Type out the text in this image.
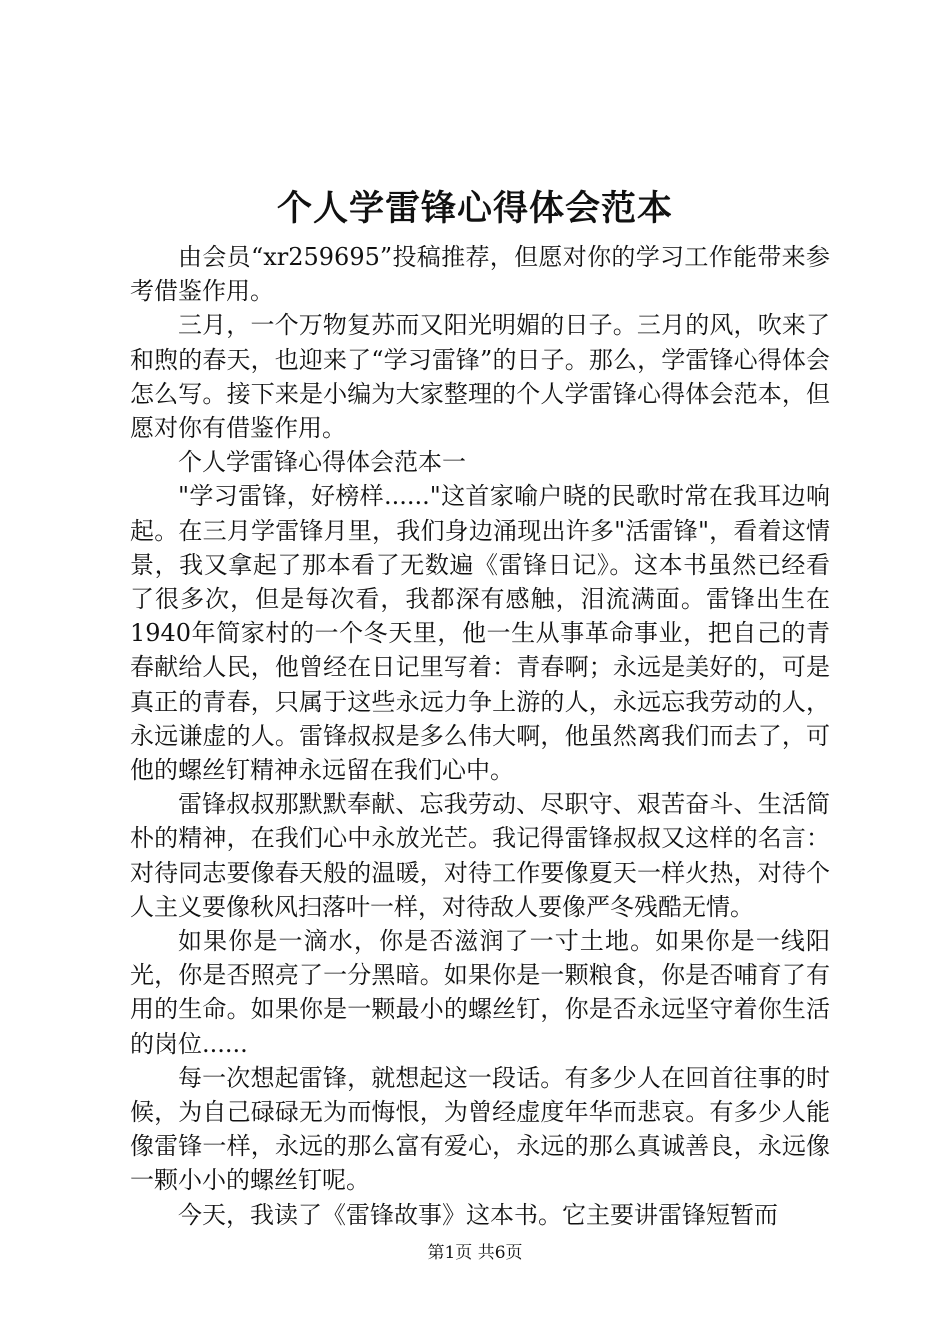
个人学雷锋心得体会范本

由会员“xr259695”投稿推荐，但愿对你的学习工作能带来参考借鉴作用。

三月，一个万物复苏而又阳光明媚的日子。三月的风，吹来了和煦的春天，也迎来了“学习雷锋”的日子。那么，学雷锋心得体会怎么写。接下来是小编为大家整理的个人学雷锋心得体会范本，但愿对你有借鉴作用。

个人学雷锋心得体会范本一

"学习雷锋，好榜样......"这首家喻户晓的民歌时常在我耳边响起。在三月学雷锋月里，我们身边涌现出许多"活雷锋"，看着这情景，我又拿起了那本看了无数遍《雷锋日记》。这本书虽然已经看了很多次，但是每次看，我都深有感触，泪流满面。雷锋出生在1940年简家村的一个冬天里，他一生从事革命事业，把自己的青春献给人民，他曾经在日记里写着：青春啊；永远是美好的，可是真正的青春，只属于这些永远力争上游的人，永远忘我劳动的人，永远谦虚的人。雷锋叔叔是多么伟大啊，他虽然离我们而去了，可他的螺丝钉精神永远留在我们心中。

雷锋叔叔那默默奉献、忘我劳动、尽职守、艰苦奋斗、生活简朴的精神，在我们心中永放光芒。我记得雷锋叔叔又这样的名言：对待同志要像春天般的温暖，对待工作要像夏天一样火热，对待个人主义要像秋风扫落叶一样，对待敌人要像严冬残酷无情。

如果你是一滴水，你是否滋润了一寸土地。如果你是一线阳光，你是否照亮了一分黑暗。如果你是一颗粮食，你是否哺育了有用的生命。如果你是一颗最小的螺丝钉，你是否永远坚守着你生活的岗位......

每一次想起雷锋，就想起这一段话。有多少人在回首往事的时候，为自己碌碌无为而悔恨，为曾经虚度年华而悲哀。有多少人能像雷锋一样，永远的那么富有爱心，永远的那么真诚善良，永远像一颗小小的螺丝钉呢。

今天，我读了《雷锋故事》这本书。它主要讲雷锋短暂而

第1页 共6页
